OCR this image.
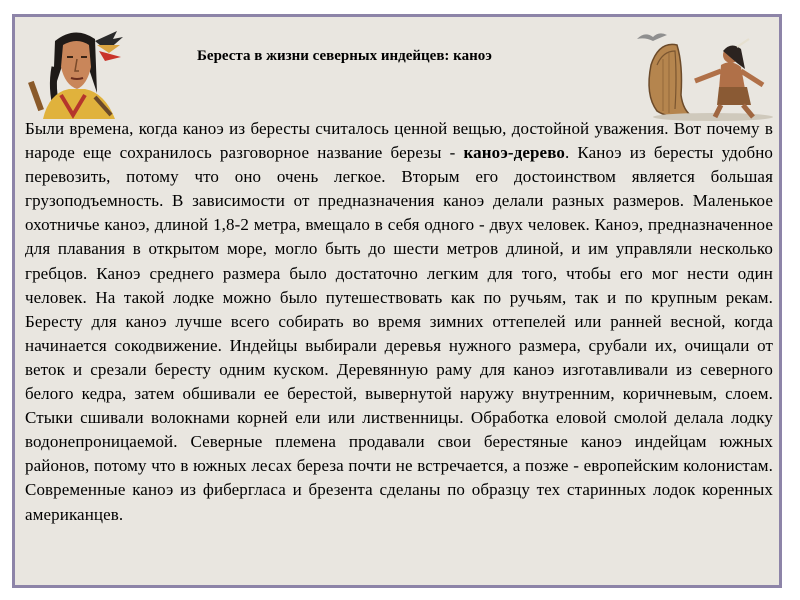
Береста в жизни северных индейцев: каноэ
Были времена, когда каноэ из бересты считалось ценной вещью, достойной уважения. Вот почему в народе еще сохранилось разговорное название березы - каноэ-дерево. Каноэ из бересты удобно перевозить, потому что оно очень легкое. Вторым его достоинством является большая грузоподъемность. В зависимости от предназначения каноэ делали разных размеров. Маленькое охотничье каноэ, длиной 1,8-2 метра, вмещало в себя одного - двух человек. Каноэ, предназначенное для плавания в открытом море, могло быть до шести метров длиной, и им управляли несколько гребцов. Каноэ среднего размера было достаточно легким для того, чтобы его мог нести один человек. На такой лодке можно было путешествовать как по ручьям, так и по крупным рекам. Бересту для каноэ лучше всего собирать во время зимних оттепелей или ранней весной, когда начинается сокодвижение. Индейцы выбирали деревья нужного размера, срубали их, очищали от веток и срезали бересту одним куском. Деревянную раму для каноэ изготавливали из северного белого кедра, затем обшивали ее берестой, вывернутой наружу внутренним, коричневым, слоем. Стыки сшивали волокнами корней ели или лиственницы. Обработка еловой смолой делала лодку водонепроницаемой. Северные племена продавали свои берестяные каноэ индейцам южных районов, потому что в южных лесах береза почти не встречается, а позже - европейским колонистам. Современные каноэ из фибергласа и брезента сделаны по образцу тех старинных лодок коренных американцев.
